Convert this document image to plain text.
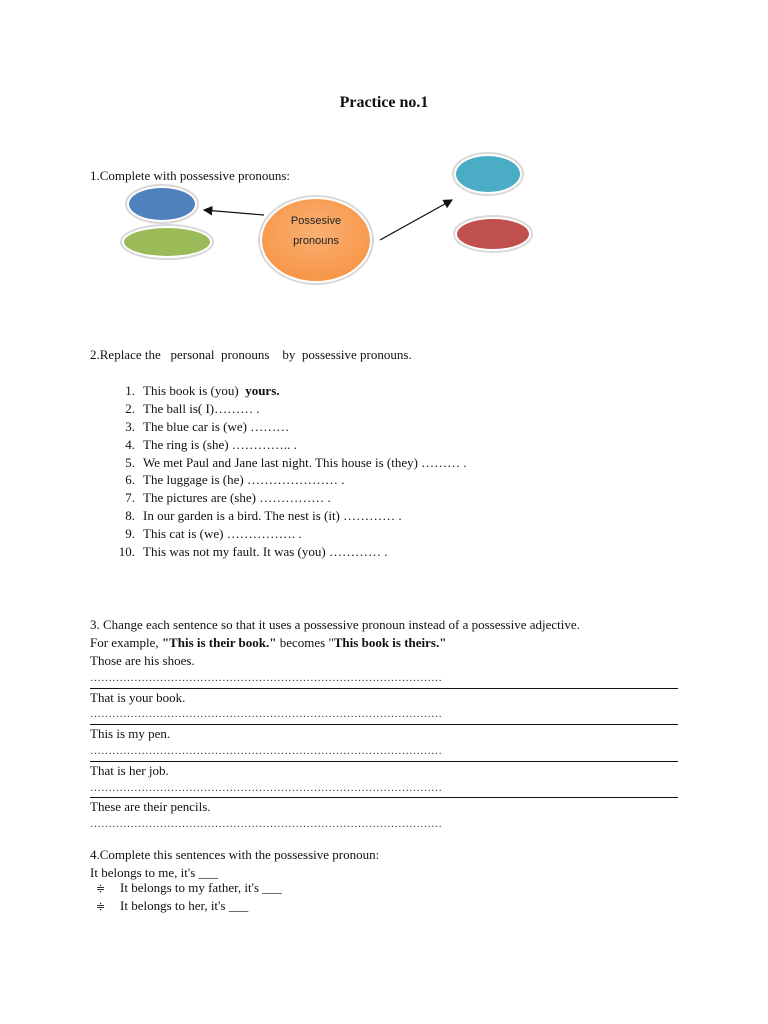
Practice no.1
1.Complete with possessive pronouns:
Possesive
pronouns
2.Replace the   personal  pronouns    by  possessive pronouns.
1. This book is (you)  yours.
2. The ball is( I)……… .
3. The blue car is (we) ………
4. The ring is (she) ………….. .
5. We met Paul and Jane last night. This house is (they) ……… .
6. The luggage is (he) ………………… .
7. The pictures are (she) …………… .
8. In our garden is a bird. The nest is (it) ………… .
9. This cat is (we) ……………. .
10. This was not my fault. It was (you) ………… .
3. Change each sentence so that it uses a possessive pronoun instead of a possessive adjective.
For example, "This is their book." becomes "This book is theirs."
Those are his shoes.
……………………………………………………………………………………
That is your book.
……………………………………………………………………………………
This is my pen.
……………………………………………………………………………………
That is her job.
……………………………………………………………………………………
These are their pencils.
……………………………………………………………………………………
4.Complete this sentences with the possessive pronoun:
It belongs to me, it's ___
≑ It belongs to my father, it's ___
≑ It belongs to her, it's ___
